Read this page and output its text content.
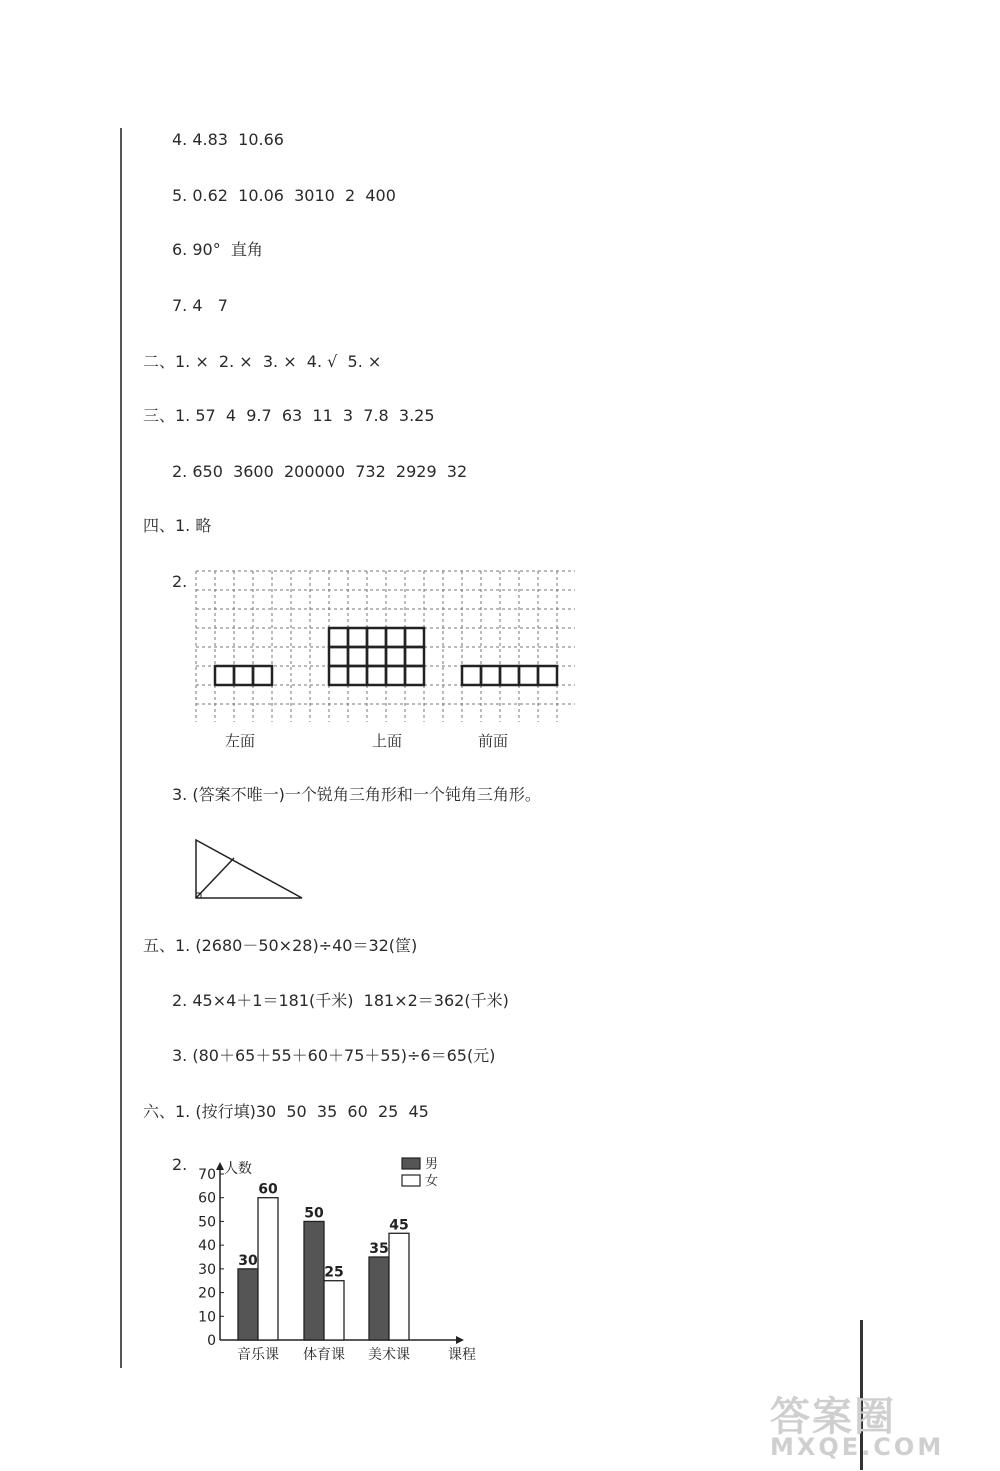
4. 4.83  10.66
5. 0.62  10.06  3010  2  400
6. 90°  直角
7. 4   7
二、1. ×  2. ×  3. ×  4. √  5. ×
三、1. 57  4  9.7  63  11  3  7.8  3.25
2. 650  3600  200000  732  2929  32
四、1. 略
2.
左面	上面	前面
3. (答案不唯一)一个锐角三角形和一个钝角三角形。
五、1. (2680－50×28)÷40＝32(筐)
2. 45×4＋1＝181(千米)  181×2＝362(千米)
3. (80＋65＋55＋60＋75＋55)÷6＝65(元)
六、1. (按行填)30  50  35  60  25  45
2.
0
10
20
30
40
50
60
70 人数
课程
30
60
音乐课
50
25
体育课
35
45
美术课
男
女
答案圈
MXQE.COM
